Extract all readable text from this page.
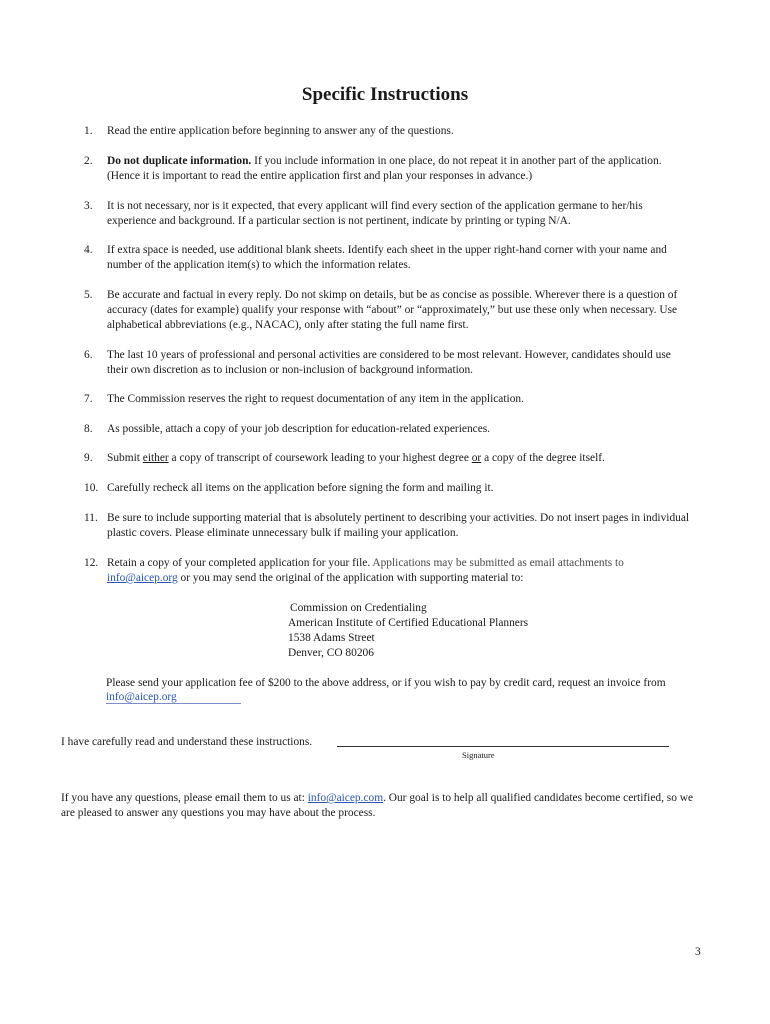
Specific Instructions
1.	Read the entire application before beginning to answer any of the questions.
2.	Do not duplicate information. If you include information in one place, do not repeat it in another part of the application. (Hence it is important to read the entire application first and plan your responses in advance.)
3.	It is not necessary, nor is it expected, that every applicant will find every section of the application germane to her/his experience and background. If a particular section is not pertinent, indicate by printing or typing N/A.
4.	If extra space is needed, use additional blank sheets. Identify each sheet in the upper right-hand corner with your name and number of the application item(s) to which the information relates.
5.	Be accurate and factual in every reply. Do not skimp on details, but be as concise as possible. Wherever there is a question of accuracy (dates for example) qualify your response with “about” or “approximately,” but use these only when necessary. Use alphabetical abbreviations (e.g., NACAC), only after stating the full name first.
6.	The last 10 years of professional and personal activities are considered to be most relevant. However, candidates should use their own discretion as to inclusion or non-inclusion of background information.
7.	The Commission reserves the right to request documentation of any item in the application.
8.	As possible, attach a copy of your job description for education-related experiences.
9.	Submit either a copy of transcript of coursework leading to your highest degree or a copy of the degree itself.
10. Carefully recheck all items on the application before signing the form and mailing it.
11. Be sure to include supporting material that is absolutely pertinent to describing your activities. Do not insert pages in individual plastic covers. Please eliminate unnecessary bulk if mailing your application.
12. Retain a copy of your completed application for your file. Applications may be submitted as email attachments to info@aicep.org or you may send the original of the application with supporting material to:
Commission on Credentialing
American Institute of Certified Educational Planners
1538 Adams Street
Denver, CO 80206
Please send your application fee of $200 to the above address, or if you wish to pay by credit card, request an invoice from info@aicep.org
I have carefully read and understand these instructions.
Signature
If you have any questions, please email them to us at: info@aicep.com. Our goal is to help all qualified candidates become certified, so we are pleased to answer any questions you may have about the process.
3
